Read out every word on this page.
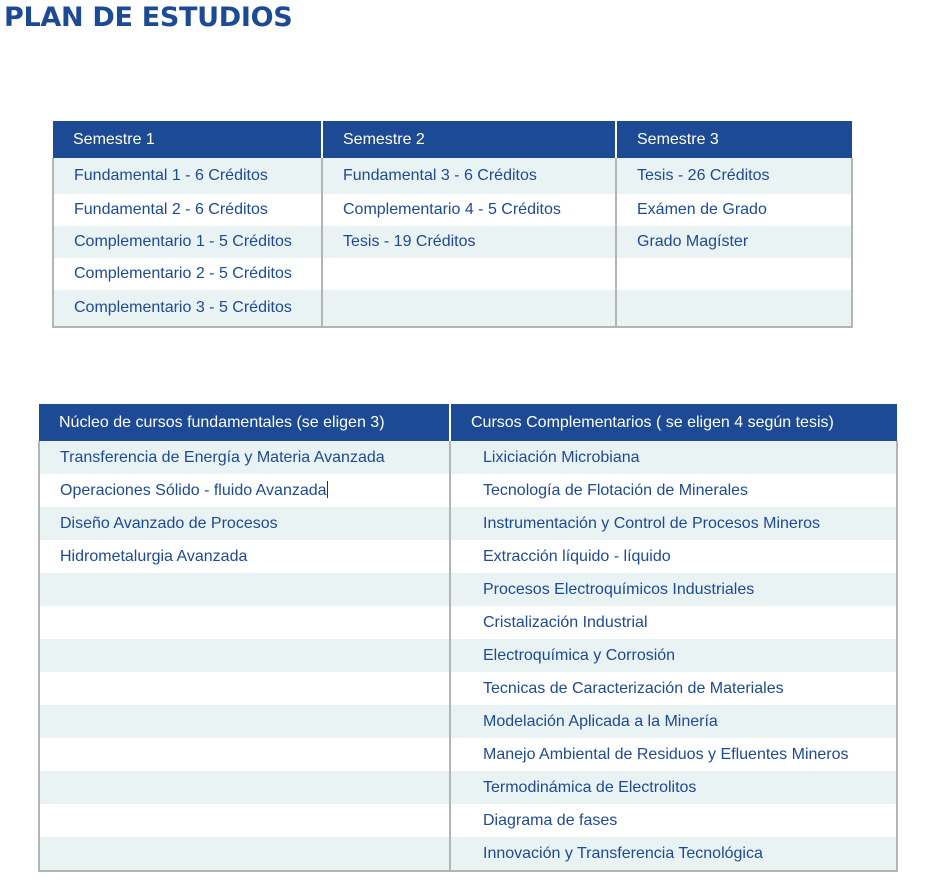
PLAN DE ESTUDIOS
Semestre 1	Semestre 2	Semestre 3
Fundamental 1 - 6 Créditos	Fundamental 3 - 6 Créditos	Tesis - 26 Créditos
Fundamental 2 - 6 Créditos	Complementario 4 - 5 Créditos	Exámen de Grado
Complementario 1 - 5 Créditos	Tesis - 19 Créditos	Grado Magíster
Complementario 2 - 5 Créditos		
Complementario 3 - 5 Créditos		
Núcleo de cursos fundamentales (se eligen 3)	Cursos Complementarios ( se eligen 4 según tesis)
Transferencia de Energía y Materia Avanzada	Lixiciación Microbiana
Operaciones Sólido - fluido Avanzada	Tecnología de Flotación de Minerales
Diseño Avanzado de Procesos	Instrumentación y Control de Procesos Mineros
Hidrometalurgia Avanzada	Extracción líquido - líquido
	Procesos Electroquímicos Industriales
	Cristalización Industrial
	Electroquímica y Corrosión
	Tecnicas de Caracterización de Materiales
	Modelación Aplicada a la Minería
	Manejo Ambiental de Residuos y Efluentes Mineros
	Termodinámica de Electrolitos
	Diagrama de fases
	Innovación y Transferencia Tecnológica
